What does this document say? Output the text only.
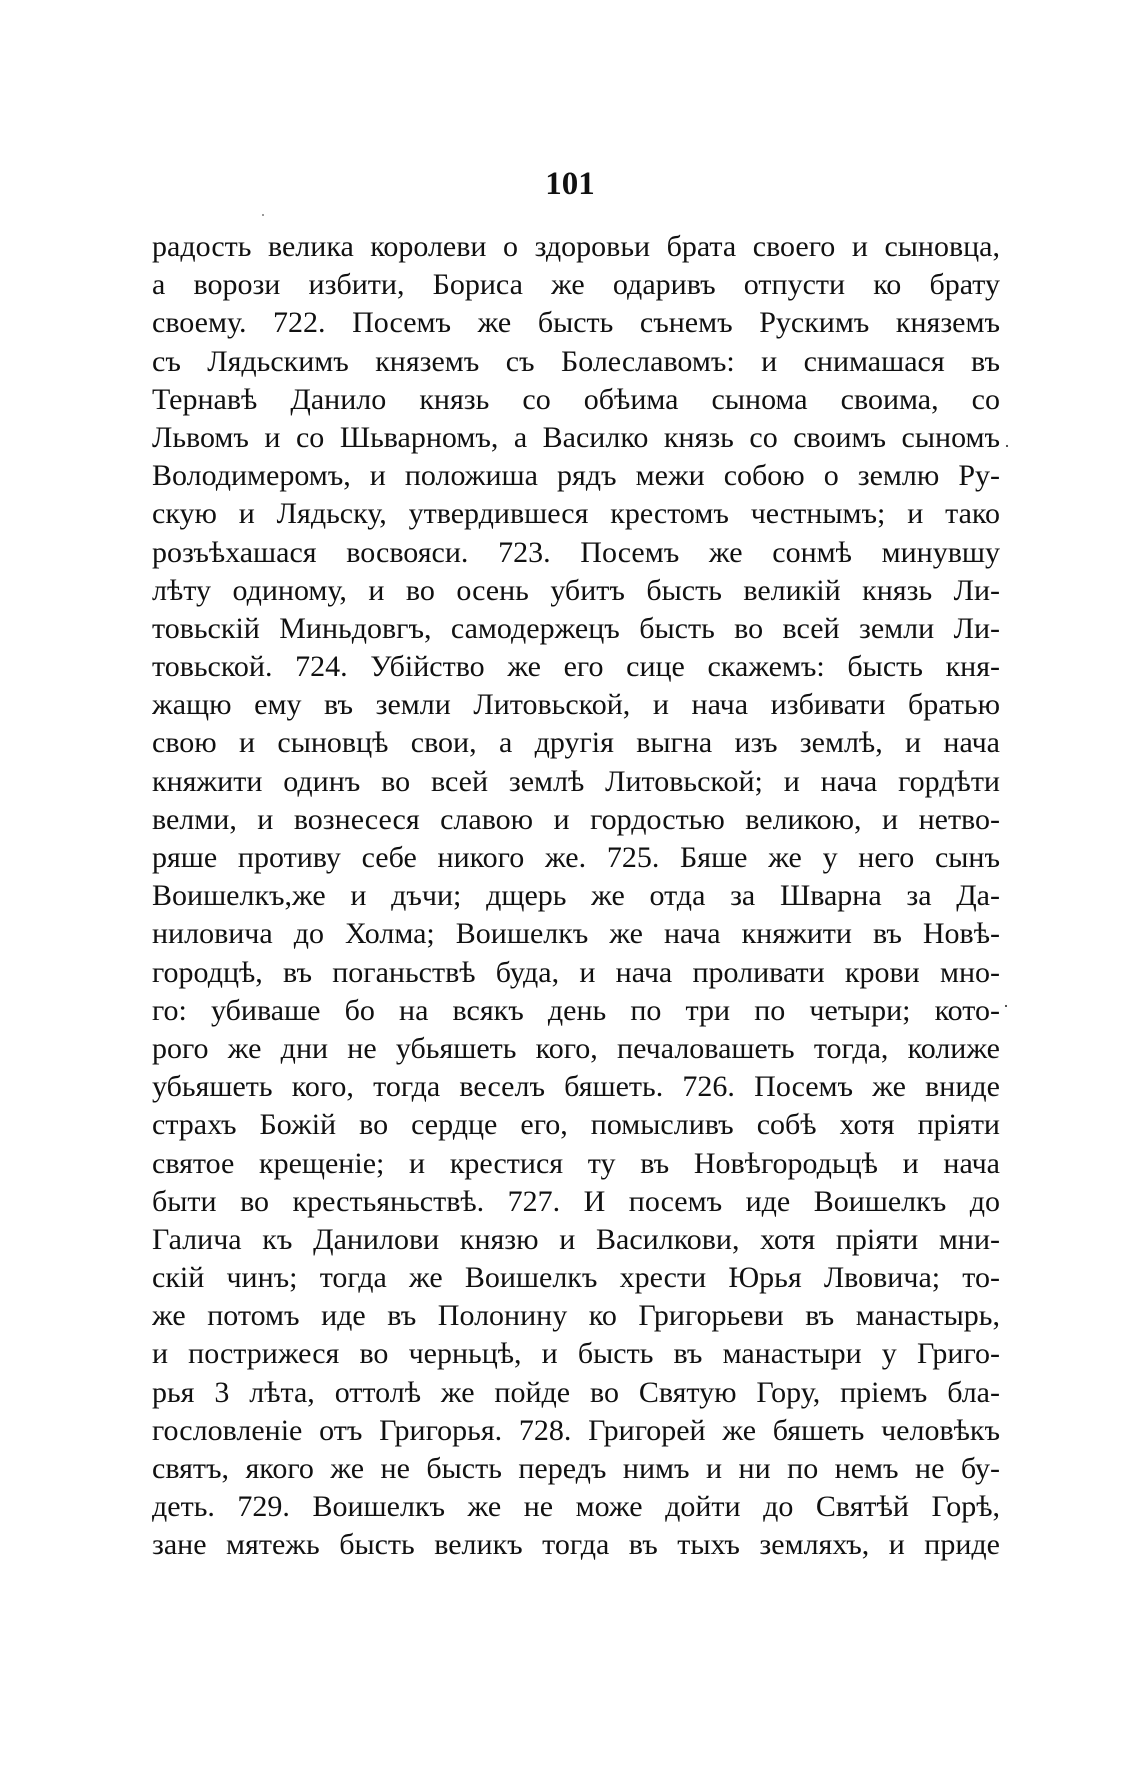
101
·
·
радость велика королеви о здоровьи брата своего и сыновца,
а ворози избити, Бориса же одаривъ отпусти ко брату
своему. 722. Посемъ же бысть сънемъ Рускимъ княземъ
съ Лядьскимъ княземъ съ Болеславомъ: и снимашася въ
Тернавѣ Данило князь со обѣима сынома своима, со
Львомъ и со Шьварномъ, а Василко князь со своимъ сыномъ
Володимеромъ, и положиша рядъ межи собою о землю Ру-
скую и Лядьску, утвердившеся крестомъ честнымъ; и тако
розъѣхашася восвояси. 723. Посемъ же сонмѣ минувшу
лѣту одиному, и во осень убитъ бысть великій князь Ли-
товьскій Миньдовгъ, самодержецъ бысть во всей земли Ли-
товьской. 724. Убійство же его сице скажемъ: бысть кня-
жащю ему въ земли Литовьской, и нача избивати братью
свою и сыновцѣ свои, а другія выгна изъ землѣ, и нача
княжити одинъ во всей землѣ Литовьской; и нача гордѣти
велми, и вознесеся славою и гордостью великою, и нетво-
ряше противу себе никого же. 725. Бяше же у него сынъ
Воишелкъ,же и дъчи; дщерь же отда за Шварна за Да-
ниловича до Холма; Воишелкъ же нача княжити въ Новѣ-
городцѣ, въ поганьствѣ буда, и нача проливати крови мно-
го: убиваше бо на всякъ день по три по четыри; кото-
рого же дни не убьяшеть кого, печаловашеть тогда, колиже
убьяшеть кого, тогда веселъ бяшеть. 726. Посемъ же вниде
страхъ Божій во сердце его, помысливъ собѣ хотя пріяти
святое крещеніе; и крестися ту въ Новѣгородьцѣ и нача
быти во крестьяньствѣ. 727. И посемъ иде Воишелкъ до
Галича къ Данилови князю и Василкови, хотя пріяти мни-
скій чинъ; тогда же Воишелкъ хрести Юрья Лвовича; то-
же потомъ иде въ Полонину ко Григорьеви въ манастырь,
и пострижеся во черньцѣ, и бысть въ манастыри у Григо-
рья 3 лѣта, оттолѣ же пойде во Святую Гору, пріемъ бла-
гословленіе отъ Григорья. 728. Григорей же бяшеть человѣкъ
святъ, якого же не бысть передъ нимъ и ни по немъ не бу-
деть. 729. Воишелкъ же не може дойти до Святѣй Горѣ,
зане мятежь бысть великъ тогда въ тыхъ земляхъ, и приде
